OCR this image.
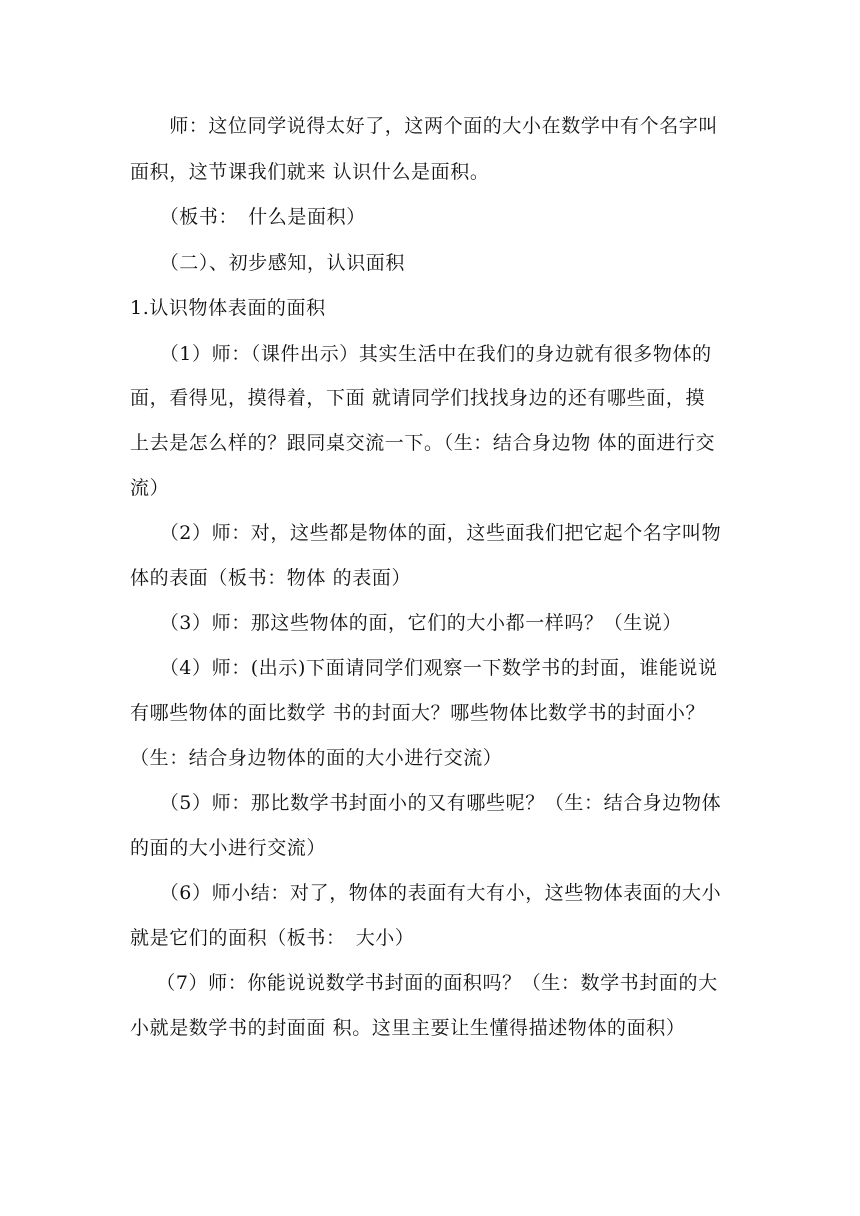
　　师：这位同学说得太好了，这两个面的大小在数学中有个名字叫
面积，这节课我们就来 认识什么是面积。
　　（板书：　什么是面积）
　　（二）、初步感知，认识面积
1.认识物体表面的面积
　　（1）师：（课件出示）其实生活中在我们的身边就有很多物体的
面，看得见，摸得着，下面 就请同学们找找身边的还有哪些面，摸
上去是怎么样的？跟同桌交流一下。（生：结合身边物 体的面进行交
流）
　　（2）师：对，这些都是物体的面，这些面我们把它起个名字叫物
体的表面（板书：物体 的表面）
　　（3）师：那这些物体的面，它们的大小都一样吗？（生说）
　　（4）师：(出示)下面请同学们观察一下数学书的封面，谁能说说
有哪些物体的面比数学 书的封面大？哪些物体比数学书的封面小？
（生：结合身边物体的面的大小进行交流）
　　（5）师：那比数学书封面小的又有哪些呢？（生：结合身边物体
的面的大小进行交流）
　　（6）师小结：对了，物体的表面有大有小，这些物体表面的大小
就是它们的面积（板书：　大小）
　 （7）师：你能说说数学书封面的面积吗？（生：数学书封面的大
小就是数学书的封面面 积。这里主要让生懂得描述物体的面积）
